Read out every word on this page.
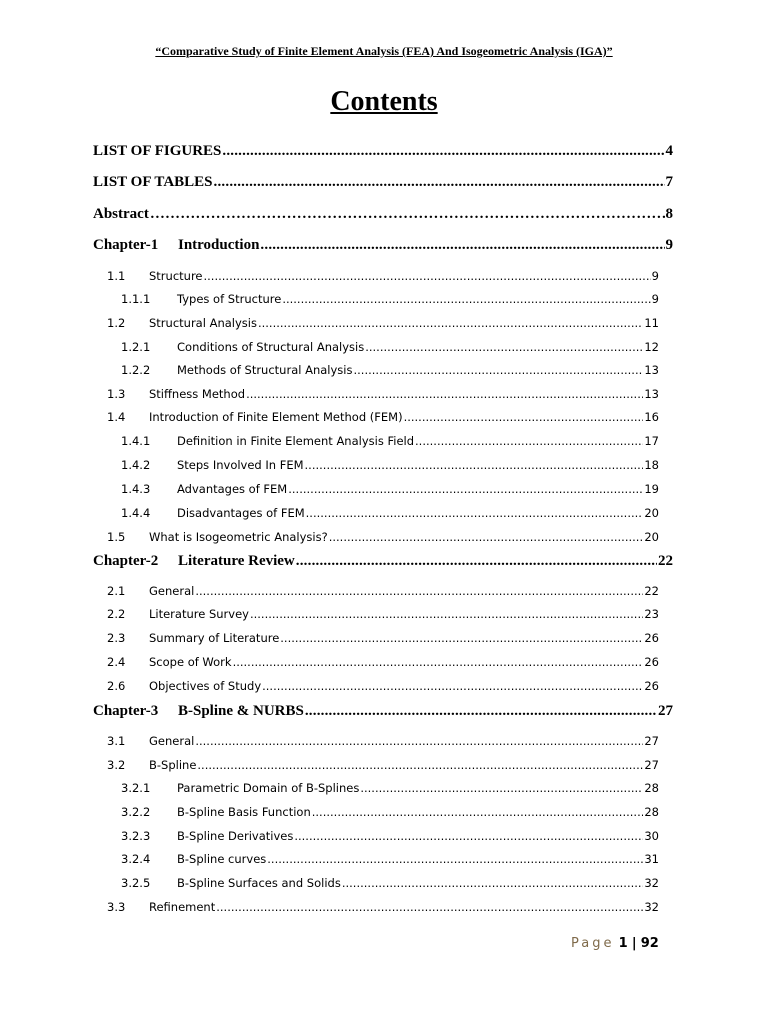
“Comparative Study of Finite Element Analysis (FEA) And Isogeometric Analysis (IGA)”
Contents
LIST OF FIGURES .....	4
LIST OF TABLES .....	7
Abstract …………………………………………………………………………………………………………………………………………………………	8
Chapter-1	Introduction .....	9
1.1	Structure .....	9
1.1.1	Types of Structure .....	9
1.2	Structural Analysis .....	11
1.2.1	Conditions of Structural Analysis .....	12
1.2.2	Methods of Structural Analysis .....	13
1.3	Stiffness Method .....	13
1.4	Introduction of Finite Element Method (FEM) .....	16
1.4.1	Definition in Finite Element Analysis Field .....	17
1.4.2	Steps Involved In FEM .....	18
1.4.3	Advantages of FEM .....	19
1.4.4	Disadvantages of FEM .....	20
1.5	What is Isogeometric Analysis? .....	20
Chapter-2	Literature Review .....	22
2.1	General .....	22
2.2	Literature Survey .....	23
2.3	Summary of Literature .....	26
2.4	Scope of Work .....	26
2.6	Objectives of Study .....	26
Chapter-3	B-Spline & NURBS .....	27
3.1	General .....	27
3.2	B-Spline .....	27
3.2.1	Parametric Domain of B-Splines .....	28
3.2.2	B-Spline Basis Function .....	28
3.2.3	B-Spline Derivatives .....	30
3.2.4	B-Spline curves .....	31
3.2.5	B-Spline Surfaces and Solids .....	32
3.3	Refinement .....	32
Page 1 | 92
